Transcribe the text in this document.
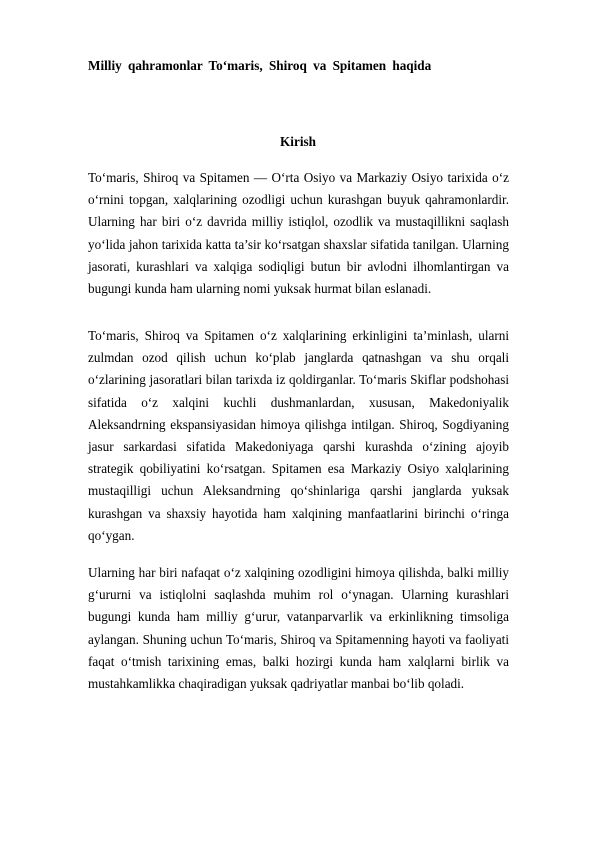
Milliy qahramonlar To‘maris, Shiroq va Spitamen haqida
Kirish

To‘maris, Shiroq va Spitamen — O‘rta Osiyo va Markaziy Osiyo tarixida o‘z o‘rnini topgan, xalqlarining ozodligi uchun kurashgan buyuk qahramonlardir. Ularning har biri o‘z davrida milliy istiqlol, ozodlik va mustaqillikni saqlash yo‘lida jahon tarixida katta ta’sir ko‘rsatgan shaxslar sifatida tanilgan. Ularning jasorati, kurashlari va xalqiga sodiqligi butun bir avlodni ilhomlantirgan va bugungi kunda ham ularning nomi yuksak hurmat bilan eslanadi.

To‘maris, Shiroq va Spitamen o‘z xalqlarining erkinligini ta’minlash, ularni zulmdan ozod qilish uchun ko‘plab janglarda qatnashgan va shu orqali o‘zlarining jasoratlari bilan tarixda iz qoldirganlar. To‘maris Skiflar podshohasi sifatida o‘z xalqini kuchli dushmanlardan, xususan, Makedoniyalik Aleksandrning ekspansiyasidan himoya qilishga intilgan. Shiroq, Sogdiyaning jasur sarkardasi sifatida Makedoniyaga qarshi kurashda o‘zining ajoyib strategik qobiliyatini ko‘rsatgan. Spitamen esa Markaziy Osiyo xalqlarining mustaqilligi uchun Aleksandrning qo‘shinlariga qarshi janglarda yuksak kurashgan va shaxsiy hayotida ham xalqining manfaatlarini birinchi o‘ringa qo‘ygan.

Ularning har biri nafaqat o‘z xalqining ozodligini himoya qilishda, balki milliy g‘ururni va istiqlolni saqlashda muhim rol o‘ynagan. Ularning kurashlari bugungi kunda ham milliy g‘urur, vatanparvarlik va erkinlikning timsoliga aylangan. Shuning uchun To‘maris, Shiroq va Spitamenning hayoti va faoliyati faqat o‘tmish tarixining emas, balki hozirgi kunda ham xalqlarni birlik va mustahkamlikka chaqiradigan yuksak qadriyatlar manbai bo‘lib qoladi.
